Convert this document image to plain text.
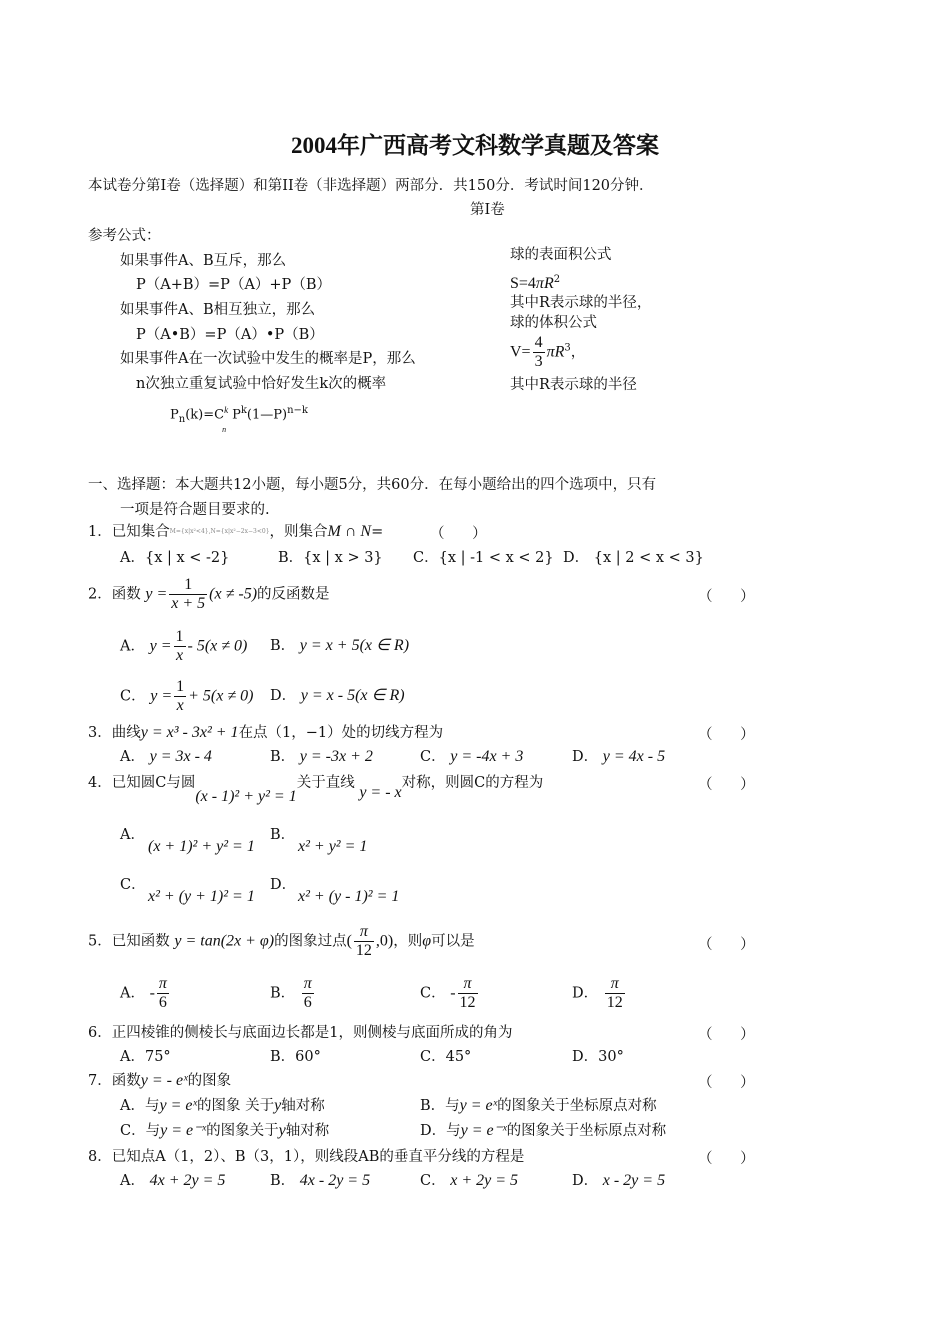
2004年广西高考文科数学真题及答案
本试卷分第Ⅰ卷（选择题）和第II卷（非选择题）两部分．共150分．考试时间120分钟．
第Ⅰ卷
参考公式：
如果事件A、B互斥，那么
P（A+B）=P（A）+P（B）
如果事件A、B相互独立，那么
P（A•B）=P（A）•P（B）
如果事件A在一次试验中发生的概率是P，那么
n次独立重复试验中恰好发生k次的概率
$P_n(k)=C^k_nP^k(1—P)^{n-k}$
球的表面积公式
$S=4\pi R^2$
其中R表示球的半径，
球的体积公式
$V= \frac{4}{3} \pi R^3$，
其中R表示球的半径
一、选择题：本大题共12小题，每小题5分，共60分．在每小题给出的四个选项中，只有
一项是符合题目要求的.
1．已知集合M={x|x²<4},N={x|x²−2x−3<0}，则集合M ∩ N=	（      ）
A．{x | x < -2}	B．{x | x > 3} C．{x | -1 < x < 2} D． {x | 2 < x < 3}
2．函数 $y = \frac{1}{x + 5} (x \ne -5)$的反函数是	（      ）
A． $y = \frac{1}{x} - 5(x \ne 0)$ B． y = x + 5(x ∈ R)
C． $y = \frac{1}{x} + 5(x \ne 0)$ D． y = x - 5(x ∈ R)
3．曲线y = x³ - 3x² + 1在点（1，−1）处的切线方程为	（      ）
A． y = 3x - 4	B． y = -3x + 2	C． y = -4x + 3	D． y = 4x - 5
4．已知圆C与圆(x - 1)² + y² = 1关于直线 y = - x对称，则圆C的方程为	（      ）
A．
(x + 1)² + y² = 1
B．
x² + y² = 1
C．
x² + (y + 1)² = 1
D．
x² + (y - 1)² = 1
5．已知函数 y = tan(2x + φ)的图象过点( $\frac{\pi}{12} ,0$)，则φ可以是	（      ）
A． - $\frac{\pi}{6}$	B． $\frac{\pi}{6}$	C． - $\frac{\pi}{12}$	D． $\frac{\pi}{12}$
6．正四棱锥的侧棱长与底面边长都是1，则侧棱与底面所成的角为	（      ）
A．75°	B．60°	C．45°	D．30°
7．函数y = - eˣ的图象	（      ）
A．与y = eˣ的图象 关于y轴对称	B．与y = eˣ的图象关于坐标原点对称
C．与y = e⁻ˣ的图象关于y轴对称	D．与y = e⁻ˣ的图象关于坐标原点对称
8．已知点A（1，2）、B（3，1），则线段AB的垂直平分线的方程是	（      ）
A． 4x + 2y = 5	B． 4x - 2y = 5	C． x + 2y = 5	D． x - 2y = 5
